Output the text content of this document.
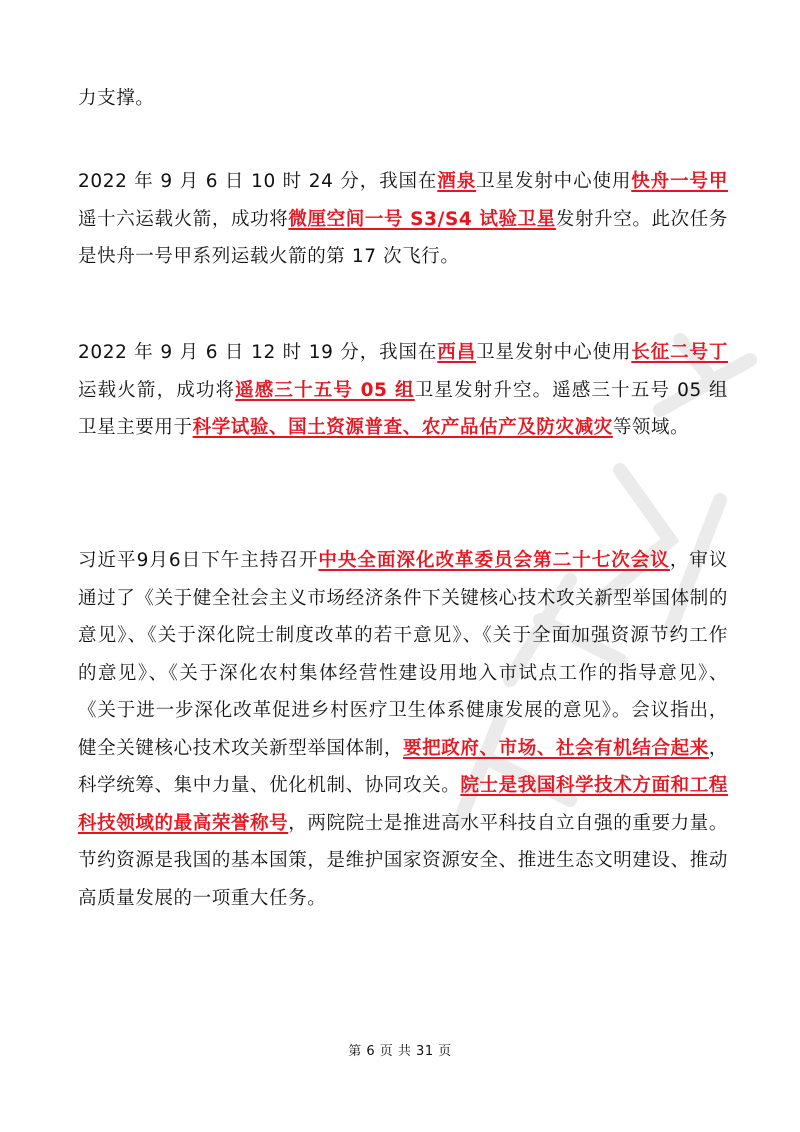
力支撑。

2022 年 9 月 6 日 10 时 24 分，我国在酒泉卫星发射中心使用快舟一号甲遥十六运载火箭，成功将微厘空间一号 S3/S4 试验卫星发射升空。此次任务是快舟一号甲系列运载火箭的第 17 次飞行。

2022 年 9 月 6 日 12 时 19 分，我国在西昌卫星发射中心使用长征二号丁运载火箭，成功将遥感三十五号 05 组卫星发射升空。遥感三十五号 05 组卫星主要用于科学试验、国土资源普查、农产品估产及防灾减灾等领域。

习近平9月6日下午主持召开中央全面深化改革委员会第二十七次会议，审议通过了《关于健全社会主义市场经济条件下关键核心技术攻关新型举国体制的意见》、《关于深化院士制度改革的若干意见》、《关于全面加强资源节约工作的意见》、《关于深化农村集体经营性建设用地入市试点工作的指导意见》、《关于进一步深化改革促进乡村医疗卫生体系健康发展的意见》。会议指出，健全关键核心技术攻关新型举国体制，要把政府、市场、社会有机结合起来，科学统筹、集中力量、优化机制、协同攻关。院士是我国科学技术方面和工程科技领域的最高荣誉称号，两院院士是推进高水平科技自立自强的重要力量。节约资源是我国的基本国策，是维护国家资源安全、推进生态文明建设、推动高质量发展的一项重大任务。

第 6 页 共 31 页
